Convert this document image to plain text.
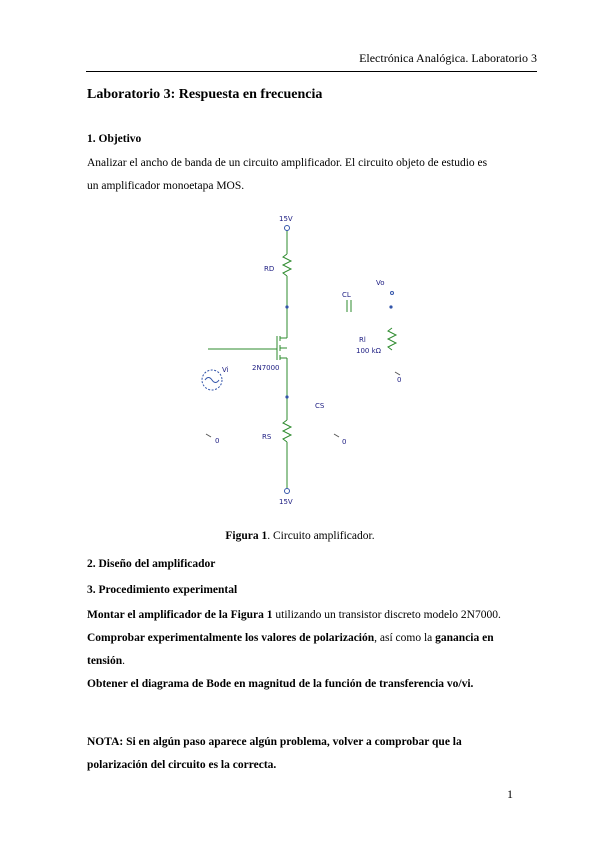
Electrónica Analógica. Laboratorio 3
Laboratorio 3: Respuesta en frecuencia
1. Objetivo
Analizar el ancho de banda de un circuito amplificador. El circuito objeto de estudio es
un amplificador monoetapa MOS.
15V
RD
CL
Vo
Rl
100 kΩ
Vi	2N7000
CS
RS
15V
0	0
0
Figura 1. Circuito amplificador.
2. Diseño del amplificador
3. Procedimiento experimental
Montar el amplificador de la Figura 1 utilizando un transistor discreto modelo 2N7000.
Comprobar experimentalmente los valores de polarización, así como la ganancia en
tensión.
Obtener el diagrama de Bode en magnitud de la función de transferencia vo/vi.
NOTA: Si en algún paso aparece algún problema, volver a comprobar que la
polarización del circuito es la correcta.
1
